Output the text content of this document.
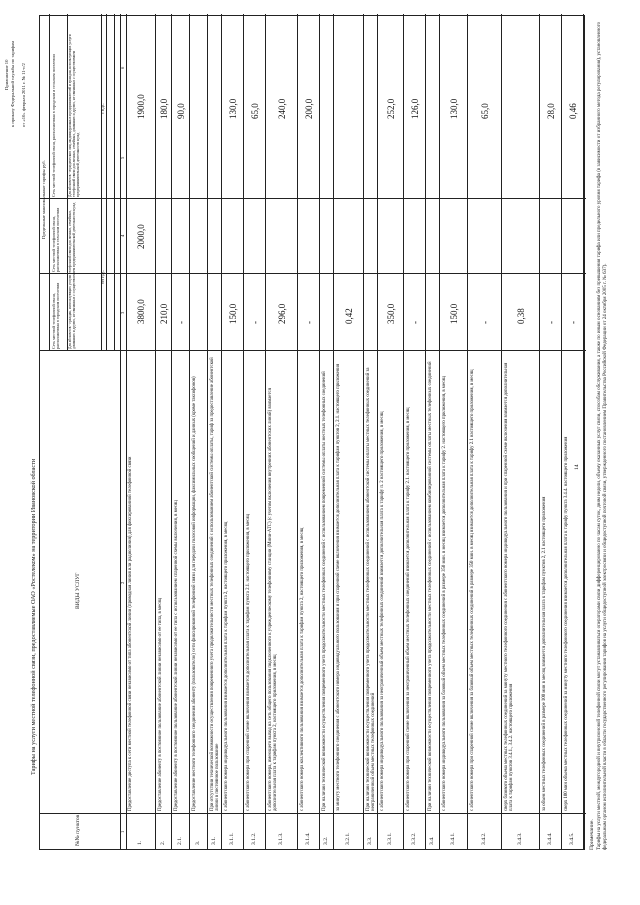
Приложение 10 к приказу Федеральной службы по тарифам от «10» февраля 2011 г. № 11-с/2
Тарифы на услуги местной телефонной связи, предоставляемые ОАО «Ростелеком» на территории Ивановской области
№№ пунктов
ВИДЫ УСЛУГ
Предельные максимальные тарифы руб.
Сеть местной телефонной связи, расположенная в городском поселении
Сеть местной телефонной связи, расположенная в сельском поселении
Сеть местной телефонной связи, расположенная в городском и сельском поселении
Для абонентов - граждан, использующих услуги телефонной связи для личных, семейных, домашних и других, не связанных с осуществлением предпринимательской деятельности нужд
Для абонентов - юридических лиц, индивидуальных предпринимателей и граждан, использующих услуги телефонной связи для личных, семейных, домашних и других, не связанных с осуществлением предпринимательской деятельности нужд
без НДС
с НДС
1
2
3
4
5
6
1.
Предоставление доступа к сети местной телефонной связи независимо от типа абонентской линии (проводная линия или радиолиния) для фиксированной телефонной связи
3800,0
2000,0
1900,0
2.
Предоставление абоненту в постоянное пользование абонентской линии независимо от ее типа, в месяц
210,0
180,0
2.1.
Предоставление абоненту в постоянное пользование абонентской линии независимо от ее типа с использованием спаренной схемы включения, в месяц
-
90,0
3.
Предоставление местного телефонного соединения абоненту (пользователю) сети фиксированной телефонной связи для передачи голосовой информации, факсимильных сообщений и данных (кроме таксофонов)
3.1.
При отсутствии технической возможности осуществления повременного учета продолжительности местных телефонных соединений с использованием абонентской системы оплаты, тариф за предоставление абонентской линии в постоянное пользование
3.1.1.
с абонентского номера индивидуального пользования взимается дополнительная плата к тарифам пункта 2, настоящего приложения, в месяц
150,0
130,0
3.1.2.
с абонентского номера при спаренной схеме включения взимается дополнительная плата к тарифам пункта 2.1. настоящего приложения, в месяц
-
65,0
3.1.3.
с абонентского номера, имеющего выход на сеть общего пользования подключенного к учрежденческому телефонному станции (Мини-АТС) (с учетом включения внутренних абонентских линий) взимается дополнительная плата к тарифам пункта 2, настоящего приложения, в месяц
296,0
240,0
3.1.4.
с абонентского номера коллективного пользования взимается дополнительная плата к тарифам пункта 2, настоящего приложения, в месяц
-
200,0
3.2.
При наличии технической возможности осуществления повременного учета продолжительности местных телефонных соединений с использованием повременной системы оплаты местных телефонных соединений
3.2.1.
за минуту местного телефонного соединения с абонентского номера индивидуального пользования и при спаренной схеме включения взимается дополнительная плата к тарифам пунктов 2, 2.1. настоящего приложения
0,42
3.3.
При наличии технической возможности осуществления повременного учета продолжительности местных телефонных соединений с использованием абонентской системы оплаты местных телефонных соединений за неограниченный объем местных телефонных соединений
3.3.1.
с абонентского номера индивидуального пользования за неограниченный объем местных телефонных соединений взимается дополнительная плата к тарифу п. 2 настоящего приложения, в месяц
350,0
252,0
3.3.2.
с абонентского номера при спаренной схеме включения за неограниченный объем местных телефонных соединений взимается дополнительная плата к тарифу 2.1. настоящего приложения, в месяц
-
126,0
3.4.
При наличии технической возможности осуществления повременного учета продолжительности местных телефонных соединений с использованием комбинированной системы оплаты местных телефонных соединений
3.4.1.
с абонентского номера индивидуального пользования за базовый объем местных телефонных соединений в размере 350 мин. в месяц взимается дополнительная плата к тарифу 2. настоящего приложения, в месяц
150,0
130,0
3.4.2.
с абонентского номера при спаренной схеме включения за базовый объем местных телефонных соединений в размере 350 мин. в месяц взимается дополнительная плата к тарифу 2.1 настоящего приложения, в месяц
-
65,0
3.4.3.
сверх базового объема местных телефонных соединений за минуту местного телефонного соединения с абонентского номера индивидуального пользования и при спаренной схеме включения взимается дополнительная плата к тарифам пунктов 3.4.1., 3.4.2. настоящего приложения
0,38
3.4.4.
за объем местных телефонных соединений в размере 100 мин в месяц взимается дополнительная плата к тарифам пунктов 2, 2.1 настоящего приложения
-
28,0
3.4.5.
сверх 100 мин объема местных телефонных соединений за минуту местного телефонного соединения взимается дополнительная плата к тарифу пункта 3.4.4. настоящего приложения
-
0,46
Примечание. Тарифы на услуги местной, междугородной и внутризоновой телефонной связи могут устанавливаться операторами связи дифференцированно по часам суток, дням недели, объему оказанных услуг связи, способам обслуживания, а также по иным основаниям без превышения тарифа или предельного уровня тарифа (в зависимости от избранного метода регулирования), установленного федеральным органом исполнительной власти в области государственного регулирования тарифов на услуги общедоступной электросвязи и общедоступной почтовой связи, утвержденного постановлением Правительства Российской Федерации от 24 октября 2005 г. № 637).
14
